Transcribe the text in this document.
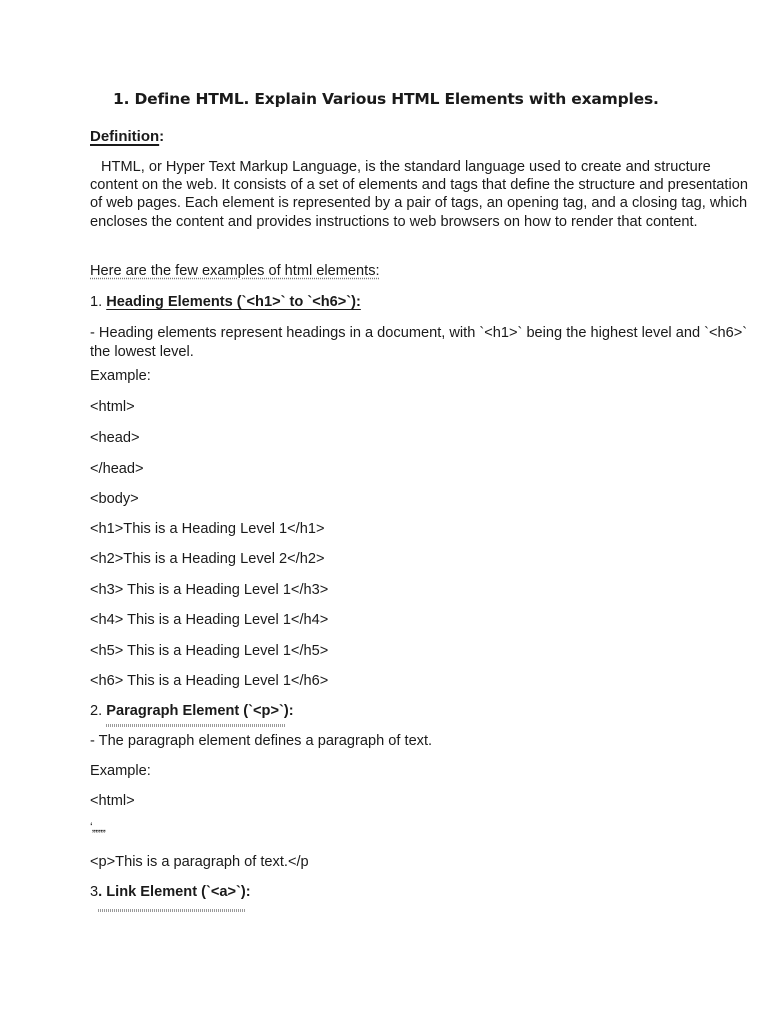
1. Define HTML. Explain Various HTML Elements with examples.
Definition:
HTML, or Hyper Text Markup Language, is the standard language used to create and structure content on the web. It consists of a set of elements and tags that define the structure and presentation of web pages. Each element is represented by a pair of tags, an opening tag, and a closing tag, which encloses the content and provides instructions to web browsers on how to render that content.
Here are the few examples of html elements:
1. Heading Elements (`<h1>` to `<h6>`):
- Heading elements represent headings in a document, with `<h1>` being the highest level and `<h6>` the lowest level.
Example:
<html>
<head>
</head>
<body>
<h1>This is a Heading Level 1</h1>
<h2>This is a Heading Level 2</h2>
<h3> This is a Heading Level 1</h3>
<h4> This is a Heading Level 1</h4>
<h5> This is a Heading Level 1</h5>
<h6> This is a Heading Level 1</h6>
2. Paragraph Element (`<p>`):
- The paragraph element defines a paragraph of text.
Example:
<html>
‘‚‚‚‚‚‚‚‚
<p>This is a paragraph of text.</p
3. Link Element (`<a>`):
